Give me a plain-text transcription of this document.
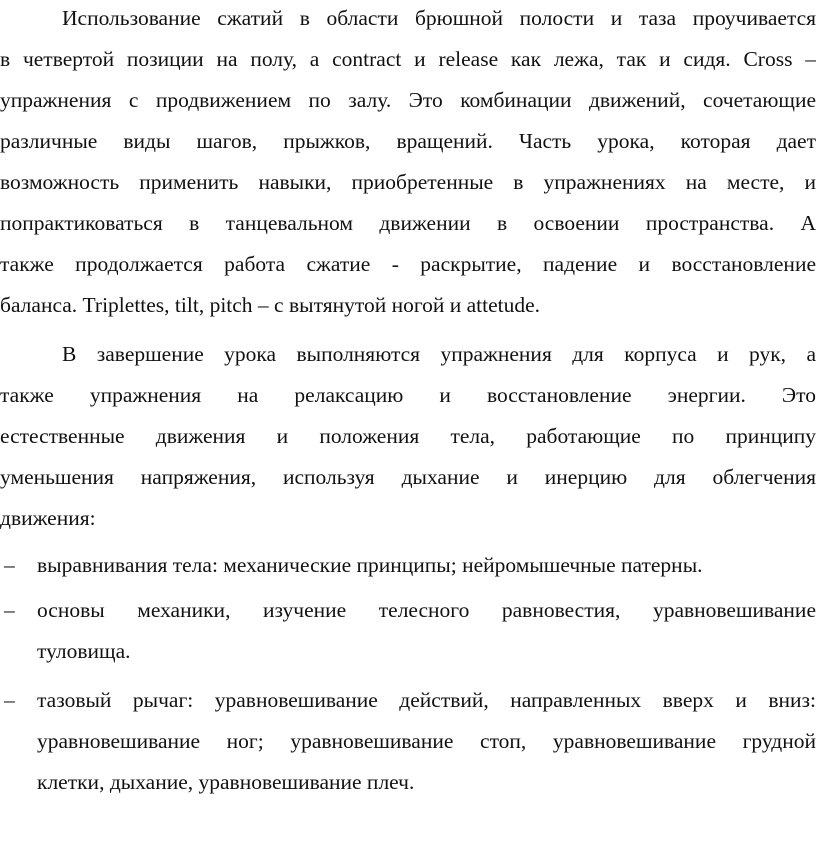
Использование сжатий в области брюшной полости и таза проучивается
в четвертой позиции на полу, а contract и release как лежа, так и сидя. Cross –
упражнения с продвижением по залу. Это комбинации движений, сочетающие
различные виды шагов, прыжков, вращений. Часть урока, которая дает
возможность применить навыки, приобретенные в упражнениях на месте, и
попрактиковаться в танцевальном движении в освоении пространства. А
также продолжается работа сжатие - раскрытие, падение и восстановление
баланса. Triplettes, tilt, pitch – с вытянутой ногой и attetude.
В завершение урока выполняются упражнения для корпуса и рук, а
также упражнения на релаксацию и восстановление энергии. Это
естественные движения и положения тела, работающие по принципу
уменьшения напряжения, используя дыхание и инерцию для облегчения
движения:
–	выравнивания тела: механические принципы; нейромышечные патерны.
–	основы механики, изучение телесного равновестия, уравновешивание
туловища.
–	тазовый рычаг: уравновешивание действий, направленных вверх и вниз:
уравновешивание ног; уравновешивание стоп, уравновешивание грудной
клетки, дыхание, уравновешивание плеч.
